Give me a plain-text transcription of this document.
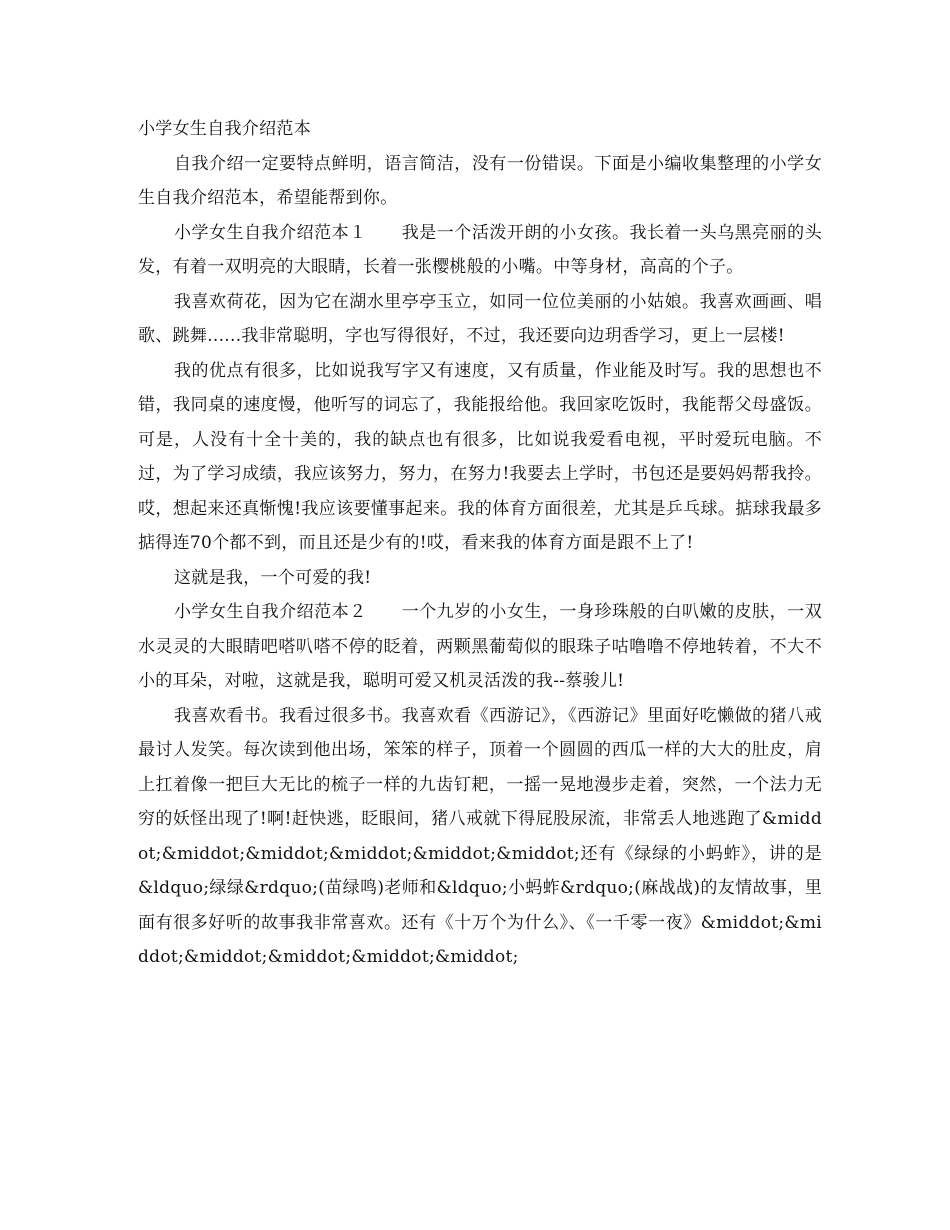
小学女生自我介绍范本

自我介绍一定要特点鲜明，语言简洁，没有一份错误。下面是小编收集整理的小学女生自我介绍范本，希望能帮到你。

小学女生自我介绍范本１　　我是一个活泼开朗的小女孩。我长着一头乌黑亮丽的头发，有着一双明亮的大眼睛，长着一张樱桃般的小嘴。中等身材，高高的个子。

我喜欢荷花，因为它在湖水里亭亭玉立，如同一位位美丽的小姑娘。我喜欢画画、唱歌、跳舞......我非常聪明，字也写得很好，不过，我还要向边玥香学习，更上一层楼!

我的优点有很多，比如说我写字又有速度，又有质量，作业能及时写。我的思想也不错，我同桌的速度慢，他听写的词忘了，我能报给他。我回家吃饭时，我能帮父母盛饭。可是，人没有十全十美的，我的缺点也有很多，比如说我爱看电视，平时爱玩电脑。不过，为了学习成绩，我应该努力，努力，在努力!我要去上学时，书包还是要妈妈帮我拎。哎，想起来还真惭愧!我应该要懂事起来。我的体育方面很差，尤其是乒乓球。掂球我最多掂得连70个都不到，而且还是少有的!哎，看来我的体育方面是跟不上了!

这就是我，一个可爱的我!

小学女生自我介绍范本２　　一个九岁的小女生，一身珍珠般的白叭嫩的皮肤，一双水灵灵的大眼睛吧嗒叭嗒不停的眨着，两颗黑葡萄似的眼珠子咕噜噜不停地转着，不大不小的耳朵，对啦，这就是我，聪明可爱又机灵活泼的我--蔡骏儿!

我喜欢看书。我看过很多书。我喜欢看《西游记》，《西游记》里面好吃懒做的猪八戒最讨人发笑。每次读到他出场，笨笨的样子，顶着一个圆圆的西瓜一样的大大的肚皮，肩上扛着像一把巨大无比的梳子一样的九齿钉耙，一摇一晃地漫步走着，突然，一个法力无穷的妖怪出现了!啊!赶快逃，眨眼间，猪八戒就下得屁股尿流，非常丢人地逃跑了&middot;&middot;&middot;&middot;&middot;&middot;还有《绿绿的小蚂蚱》，讲的是&ldquo;绿绿&rdquo;(苗绿鸣)老师和&ldquo;小蚂蚱&rdquo;(麻战战)的友情故事，里面有很多好听的故事我非常喜欢。还有《十万个为什么》、《一千零一夜》&middot;&middot;&middot;&middot;&middot;&middot;
